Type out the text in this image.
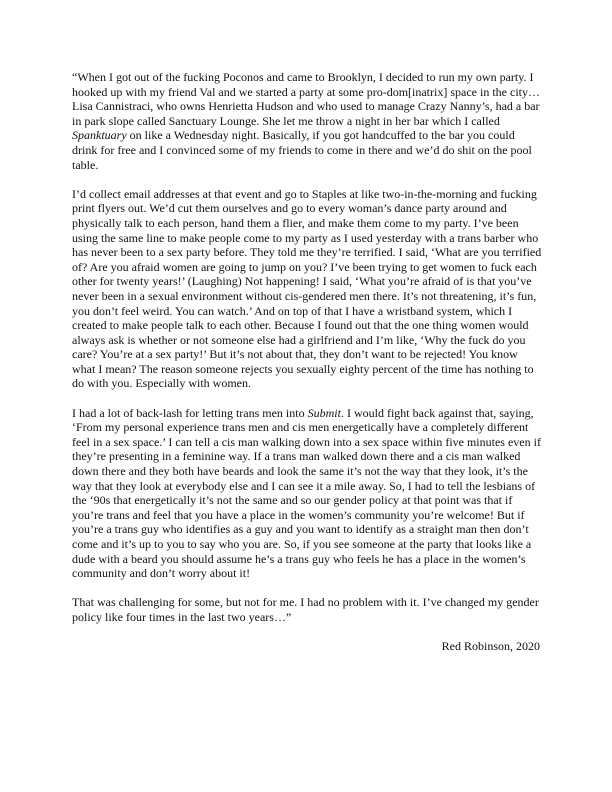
“When I got out of the fucking Poconos and came to Brooklyn, I decided to run my own party. I hooked up with my friend Val and we started a party at some pro-dom[inatrix] space in the city… Lisa Cannistraci, who owns Henrietta Hudson and who used to manage Crazy Nanny’s, had a bar in park slope called Sanctuary Lounge. She let me throw a night in her bar which I called Spanktuary on like a Wednesday night. Basically, if you got handcuffed to the bar you could drink for free and I convinced some of my friends to come in there and we’d do shit on the pool table.

I’d collect email addresses at that event and go to Staples at like two-in-the-morning and fucking print flyers out. We’d cut them ourselves and go to every woman’s dance party around and physically talk to each person, hand them a flier, and make them come to my party. I’ve been using the same line to make people come to my party as I used yesterday with a trans barber who has never been to a sex party before. They told me they’re terrified. I said, ‘What are you terrified of? Are you afraid women are going to jump on you? I’ve been trying to get women to fuck each other for twenty years!’ (Laughing) Not happening! I said, ‘What you’re afraid of is that you’ve never been in a sexual environment without cis-gendered men there. It’s not threatening, it’s fun, you don’t feel weird. You can watch.’ And on top of that I have a wristband system, which I created to make people talk to each other. Because I found out that the one thing women would always ask is whether or not someone else had a girlfriend and I’m like, ‘Why the fuck do you care? You’re at a sex party!’ But it’s not about that, they don’t want to be rejected! You know what I mean? The reason someone rejects you sexually eighty percent of the time has nothing to do with you. Especially with women.

I had a lot of back-lash for letting trans men into Submit. I would fight back against that, saying, ‘From my personal experience trans men and cis men energetically have a completely different feel in a sex space.’ I can tell a cis man walking down into a sex space within five minutes even if they’re presenting in a feminine way. If a trans man walked down there and a cis man walked down there and they both have beards and look the same it’s not the way that they look, it’s the way that they look at everybody else and I can see it a mile away. So, I had to tell the lesbians of the ‘90s that energetically it’s not the same and so our gender policy at that point was that if you’re trans and feel that you have a place in the women’s community you’re welcome! But if you’re a trans guy who identifies as a guy and you want to identify as a straight man then don’t come and it’s up to you to say who you are. So, if you see someone at the party that looks like a dude with a beard you should assume he’s a trans guy who feels he has a place in the women’s community and don’t worry about it!

That was challenging for some, but not for me. I had no problem with it. I’ve changed my gender policy like four times in the last two years…”

Red Robinson, 2020
